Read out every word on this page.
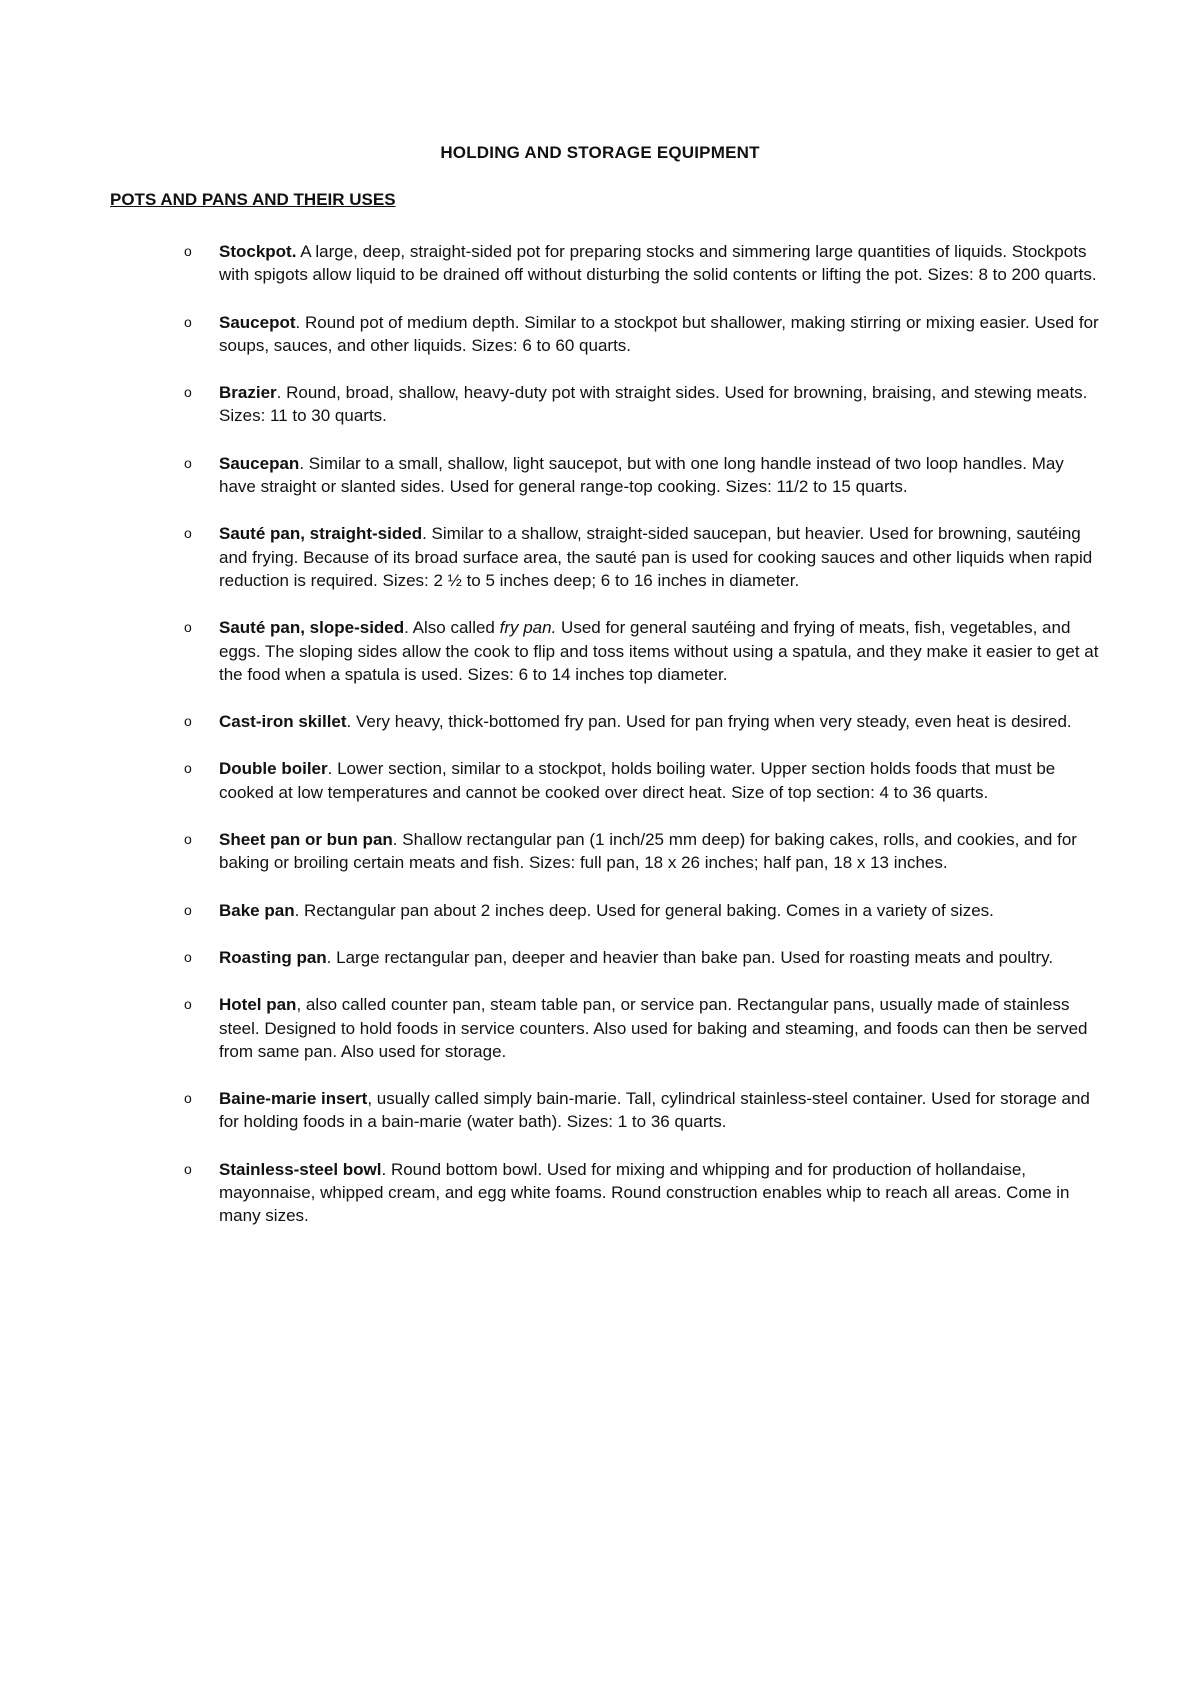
HOLDING AND STORAGE EQUIPMENT
POTS AND PANS AND THEIR USES
o Stockpot. A large, deep, straight-sided pot for preparing stocks and simmering large quantities of liquids. Stockpots with spigots allow liquid to be drained off without disturbing the solid contents or lifting the pot. Sizes: 8 to 200 quarts.
o Saucepot. Round pot of medium depth. Similar to a stockpot but shallower, making stirring or mixing easier. Used for soups, sauces, and other liquids. Sizes: 6 to 60 quarts.
o Brazier. Round, broad, shallow, heavy-duty pot with straight sides. Used for browning, braising, and stewing meats. Sizes: 11 to 30 quarts.
o Saucepan. Similar to a small, shallow, light saucepot, but with one long handle instead of two loop handles. May have straight or slanted sides. Used for general range-top cooking. Sizes: 11/2 to 15 quarts.
o Sauté pan, straight-sided. Similar to a shallow, straight-sided saucepan, but heavier. Used for browning, sautéing and frying. Because of its broad surface area, the sauté pan is used for cooking sauces and other liquids when rapid reduction is required. Sizes: 2 ½ to 5 inches deep; 6 to 16 inches in diameter.
o Sauté pan, slope-sided. Also called fry pan. Used for general sautéing and frying of meats, fish, vegetables, and eggs. The sloping sides allow the cook to flip and toss items without using a spatula, and they make it easier to get at the food when a spatula is used. Sizes: 6 to 14 inches top diameter.
o Cast-iron skillet. Very heavy, thick-bottomed fry pan. Used for pan frying when very steady, even heat is desired.
o Double boiler. Lower section, similar to a stockpot, holds boiling water. Upper section holds foods that must be cooked at low temperatures and cannot be cooked over direct heat. Size of top section: 4 to 36 quarts.
o Sheet pan or bun pan. Shallow rectangular pan (1 inch/25 mm deep) for baking cakes, rolls, and cookies, and for baking or broiling certain meats and fish. Sizes: full pan, 18 x 26 inches; half pan, 18 x 13 inches.
o Bake pan. Rectangular pan about 2 inches deep. Used for general baking. Comes in a variety of sizes.
o Roasting pan. Large rectangular pan, deeper and heavier than bake pan. Used for roasting meats and poultry.
o Hotel pan, also called counter pan, steam table pan, or service pan. Rectangular pans, usually made of stainless steel. Designed to hold foods in service counters. Also used for baking and steaming, and foods can then be served from same pan. Also used for storage.
o Baine-marie insert, usually called simply bain-marie. Tall, cylindrical stainless-steel container. Used for storage and for holding foods in a bain-marie (water bath). Sizes: 1 to 36 quarts.
o Stainless-steel bowl. Round bottom bowl. Used for mixing and whipping and for production of hollandaise, mayonnaise, whipped cream, and egg white foams. Round construction enables whip to reach all areas. Come in many sizes.
